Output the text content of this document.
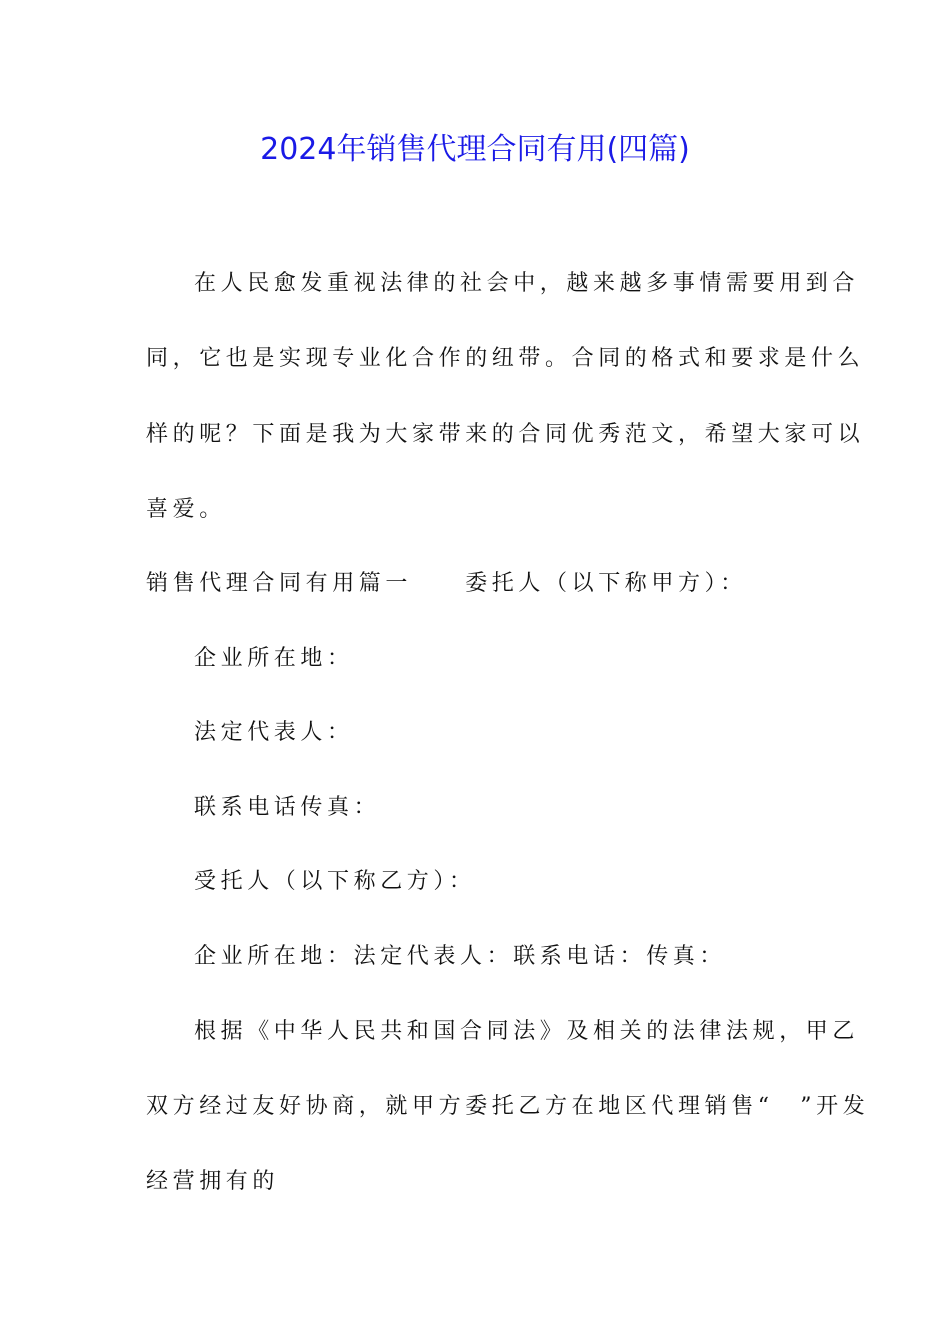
2024年销售代理合同有用(四篇)
在人民愈发重视法律的社会中，越来越多事情需要用到合
同，它也是实现专业化合作的纽带。合同的格式和要求是什么
样的呢？下面是我为大家带来的合同优秀范文，希望大家可以
喜爱。
销售代理合同有用篇一　　委托人（以下称甲方）：
企业所在地：
法定代表人：
联系电话传真：
受托人（以下称乙方）：
企业所在地：法定代表人：联系电话：传真：
根据《中华人民共和国合同法》及相关的法律法规，甲乙
双方经过友好协商，就甲方委托乙方在地区代理销售“　”开发
经营拥有的
